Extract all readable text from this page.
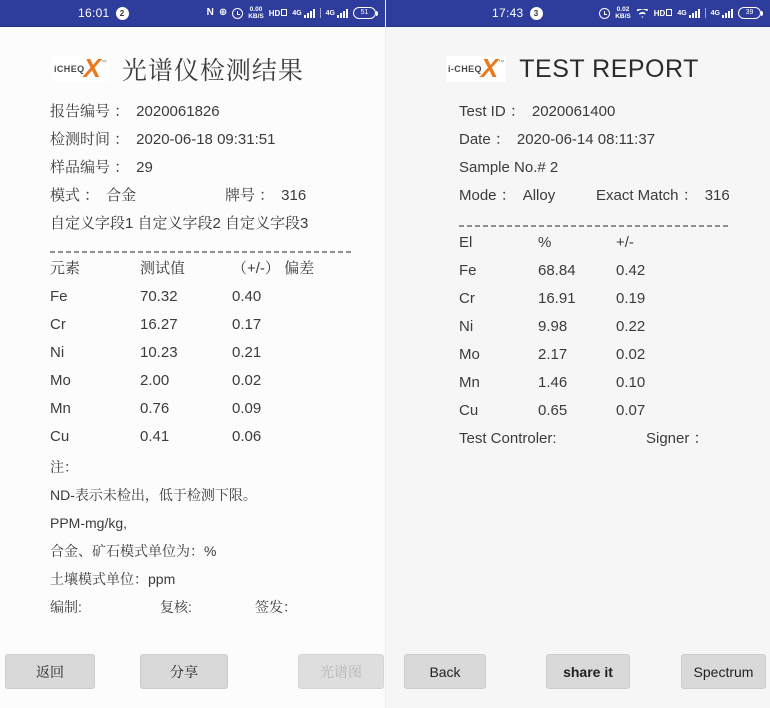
16:01	2	N ⊕	0.00
KB/S HD	4G	4G	51
iCHEQ X ™ 光谱仪检测结果
报告编号 ： 2020061826
检测时间 ： 2020-06-18 09:31:51
样品编号 ： 29
模式 ： 合金	牌号 ： 316
自定义字段1 自定义字段2 自定义字段3
元素	测试值	（+/-） 偏差
Fe	70.32	0.40
Cr	16.27	0.17
Ni	10.23	0.21
Mo	2.00	0.02
Mn	0.76	0.09
Cu	0.41	0.06
注：
ND-表示未检出，低于检测下限。
PPM-mg/kg,
合金、矿石模式单位为：%
土壤模式单位：ppm
编制:	复核:	签发：
返回	分享	光谱图
17:43	3	0.02
KB/S	HD	4G	4G	39
i-CHEQ X ™ TEST REPORT
Test ID ： 2020061400
Date ： 2020-06-14 08:11:37
Sample No.# 2
Mode ： Alloy	Exact Match ： 316
El	%	+/-
Fe	68.84	0.42
Cr	16.91	0.19
Ni	9.98	0.22
Mo	2.17	0.02
Mn	1.46	0.10
Cu	0.65	0.07
Test Controler:	Signer ：
Back	share it	Spectrum
